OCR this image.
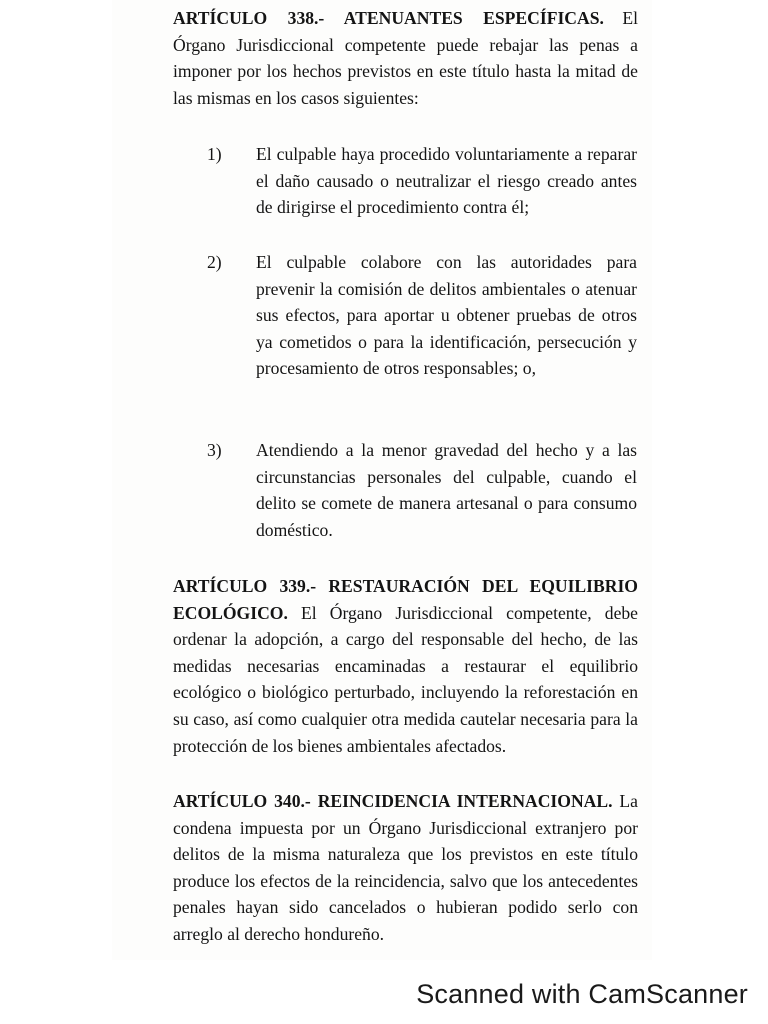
ARTÍCULO 338.- ATENUANTES ESPECÍFICAS. El Órgano Jurisdiccional competente puede rebajar las penas a imponer por los hechos previstos en este título hasta la mitad de las mismas en los casos siguientes:
1)	El culpable haya procedido voluntariamente a reparar el daño causado o neutralizar el riesgo creado antes de dirigirse el procedimiento contra él;
2)	El culpable colabore con las autoridades para prevenir la comisión de delitos ambientales o atenuar sus efectos, para aportar u obtener pruebas de otros ya cometidos o para la identificación, persecución y procesamiento de otros responsables; o,
3)	Atendiendo a la menor gravedad del hecho y a las circunstancias personales del culpable, cuando el delito se comete de manera artesanal o para consumo doméstico.
ARTÍCULO 339.- RESTAURACIÓN DEL EQUILIBRIO ECOLÓGICO. El Órgano Jurisdiccional competente, debe ordenar la adopción, a cargo del responsable del hecho, de las medidas necesarias encaminadas a restaurar el equilibrio ecológico o biológico perturbado, incluyendo la reforestación en su caso, así como cualquier otra medida cautelar necesaria para la protección de los bienes ambientales afectados.
ARTÍCULO 340.- REINCIDENCIA INTERNACIONAL. La condena impuesta por un Órgano Jurisdiccional extranjero por delitos de la misma naturaleza que los previstos en este título produce los efectos de la reincidencia, salvo que los antecedentes penales hayan sido cancelados o hubieran podido serlo con arreglo al derecho hondureño.
Scanned with CamScanner
